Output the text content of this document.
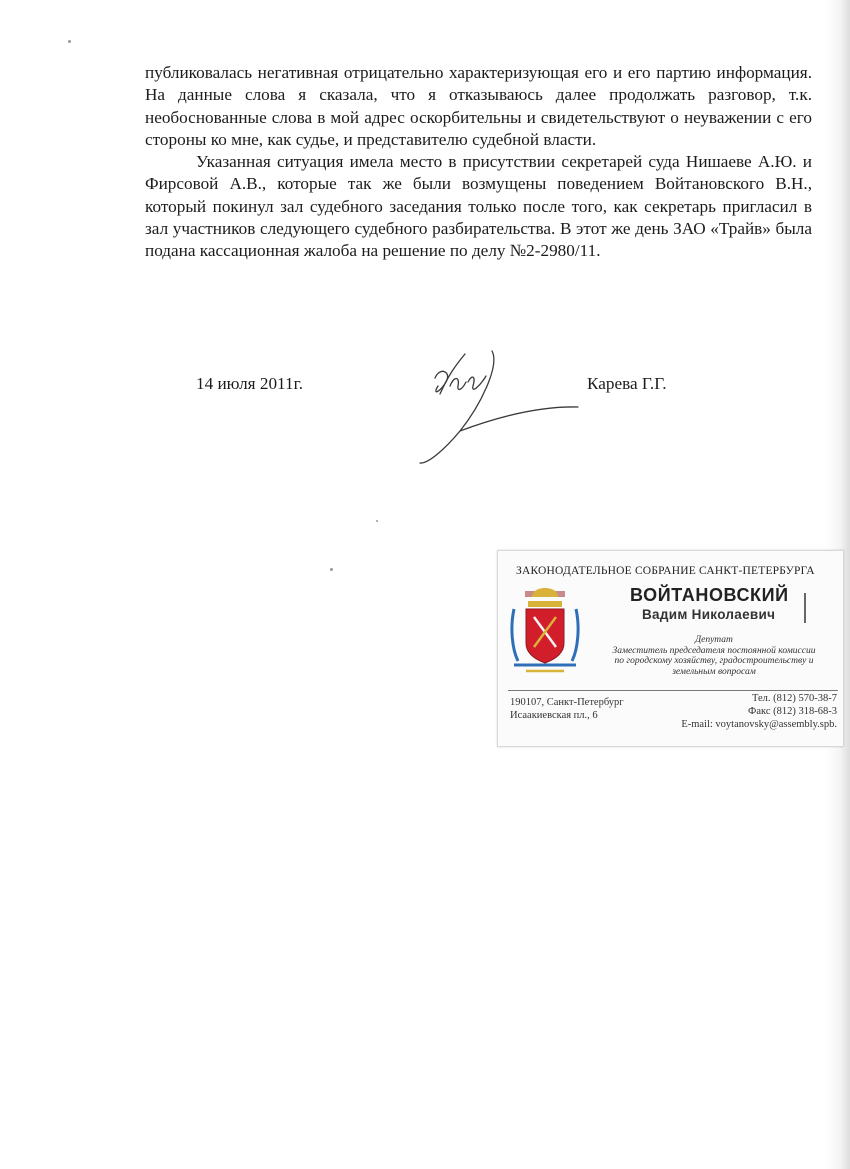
публиковалась негативная отрицательно характеризующая его и его партию информация. На данные слова я сказала, что я отказываюсь далее продолжать разговор, т.к. необоснованные слова в мой адрес оскорбительны и свидетельствуют о неуважении с его стороны ко мне, как судье, и представителю судебной власти.

Указанная ситуация имела место в присутствии секретарей суда Нишаеве А.Ю. и Фирсовой А.В., которые так же были возмущены поведением Войтановского В.Н., который покинул зал судебного заседания только после того, как секретарь пригласил в зал участников следующего судебного разбирательства. В этот же день ЗАО «Трайв» была подана кассационная жалоба на решение по делу №2-2980/11.

14 июля 2011г.	Карева Г.Г.
ЗАКОНОДАТЕЛЬНОЕ СОБРАНИЕ САНКТ-ПЕТЕРБУРГА
ВОЙТАНОВСКИЙ
Вадим Николаевич
Депутат
Заместитель председателя постоянной комиссии
по городскому хозяйству, градостроительству и
земельным вопросам
190107, Санкт-Петербург
Исаакиевская пл., 6
Тел. (812) 570-38-7
Факс (812) 318-68-3
E-mail: voytanovsky@assembly.spb.
